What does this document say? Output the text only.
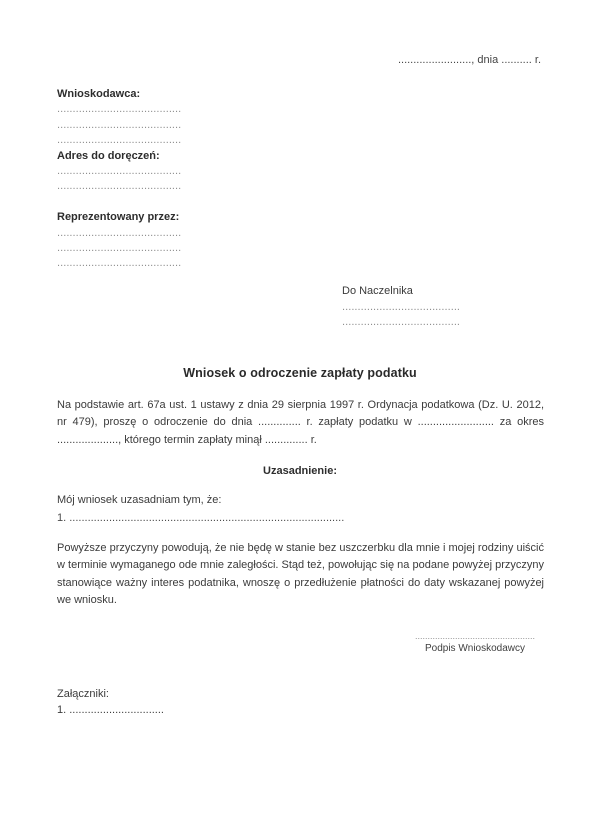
........................, dnia .......... r.
Wnioskodawca:
........................................
........................................
........................................
Adres do doręczeń:
........................................
........................................
Reprezentowany przez:
........................................
........................................
........................................
Do Naczelnika
......................................
......................................
Wniosek o odroczenie zapłaty podatku
Na podstawie art. 67a ust. 1 ustawy z dnia 29 sierpnia 1997 r. Ordynacja podatkowa (Dz. U. 2012, nr 479), proszę o odroczenie do dnia .............. r. zapłaty podatku w ......................... za okres ...................., którego termin zapłaty minął .............. r.
Uzasadnienie:
Mój wniosek uzasadniam tym, że:
1. ..........................................................................................
Powyższe przyczyny powodują, że nie będę w stanie bez uszczerbku dla mnie i mojej rodziny uiścić w terminie wymaganego ode mnie zaległości. Stąd też, powołując się na podane powyżej przyczyny stanowiące ważny interes podatnika, wnoszę o przedłużenie płatności do daty wskazanej powyżej we wniosku.
................................................
Podpis Wnioskodawcy
Załączniki:
1. ...............................
